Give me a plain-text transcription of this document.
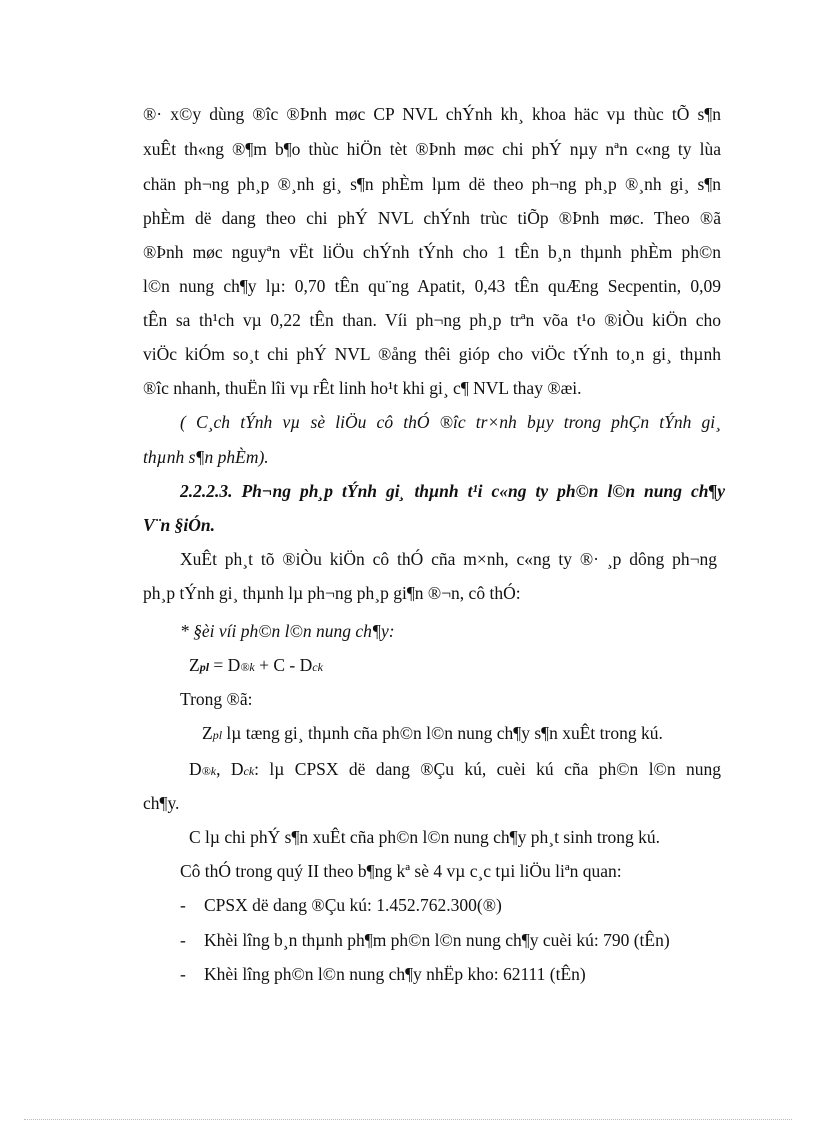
®· x©y dùng ®îc ®Þnh møc CP NVL chÝnh kh¸ khoa häc vµ thùc tÕ s¶n
xuÊt th«ng ®¶m b¶o thùc hiÖn tèt ®Þnh møc chi phÝ nµy nªn c«ng ty lùa
chän ph¬ng ph¸p ®¸nh gi¸ s¶n phÈm lµm dë theo ph¬ng ph¸p ®¸nh gi¸ s¶n
phÈm dë dang theo chi phÝ NVL chÝnh trùc tiÕp ®Þnh møc. Theo ®ã
®Þnh møc nguyªn vËt liÖu chÝnh tÝnh cho 1 tÊn b¸n thµnh phÈm ph©n
l©n nung ch¶y lµ: 0,70 tÊn qu¨ng Apatit, 0,43 tÊn quÆng Secpentin, 0,09
tÊn sa th¹ch vµ 0,22 tÊn than. Víi ph¬ng ph¸p trªn võa t¹o ®iÒu kiÖn cho
viÖc kiÓm so¸t chi phÝ NVL ®ång thêi gióp cho viÖc tÝnh to¸n gi¸ thµnh
®îc nhanh, thuËn lîi vµ rÊt linh ho¹t khi gi¸ c¶ NVL thay ®æi.
( C¸ch tÝnh vµ sè liÖu cô thÓ ®îc tr×nh bµy trong phÇn tÝnh gi¸
thµnh s¶n phÈm).
2.2.2.3. Ph¬ng ph¸p tÝnh gi¸ thµnh t¹i c«ng ty ph©n l©n nung ch¶y
V¨n §iÓn.
XuÊt ph¸t tõ ®iÒu kiÖn cô thÓ cña m×nh, c«ng ty ®· ¸p dông ph¬ng
ph¸p tÝnh gi¸ thµnh lµ ph¬ng ph¸p gi¶n ®¬n, cô thÓ:
* §èi víi ph©n l©n nung ch¶y:
Zpl = D®k + C - Dck
Trong ®ã:
Zpl lµ tæng gi¸ thµnh cña ph©n l©n nung ch¶y s¶n xuÊt trong kú.
D®k, Dck: lµ CPSX dë dang ®Çu kú, cuèi kú cña ph©n l©n nung
ch¶y.
C lµ chi phÝ s¶n xuÊt cña ph©n l©n nung ch¶y ph¸t sinh trong kú.
Cô thÓ trong quý II theo b¶ng kª sè 4 vµ c¸c tµi liÖu liªn quan:
- CPSX dë dang ®Çu kú: 1.452.762.300(®)
- Khèi lîng b¸n thµnh ph¶m ph©n l©n nung ch¶y cuèi kú: 790 (tÊn)
- Khèi lîng ph©n l©n nung ch¶y nhËp kho: 62111 (tÊn)
